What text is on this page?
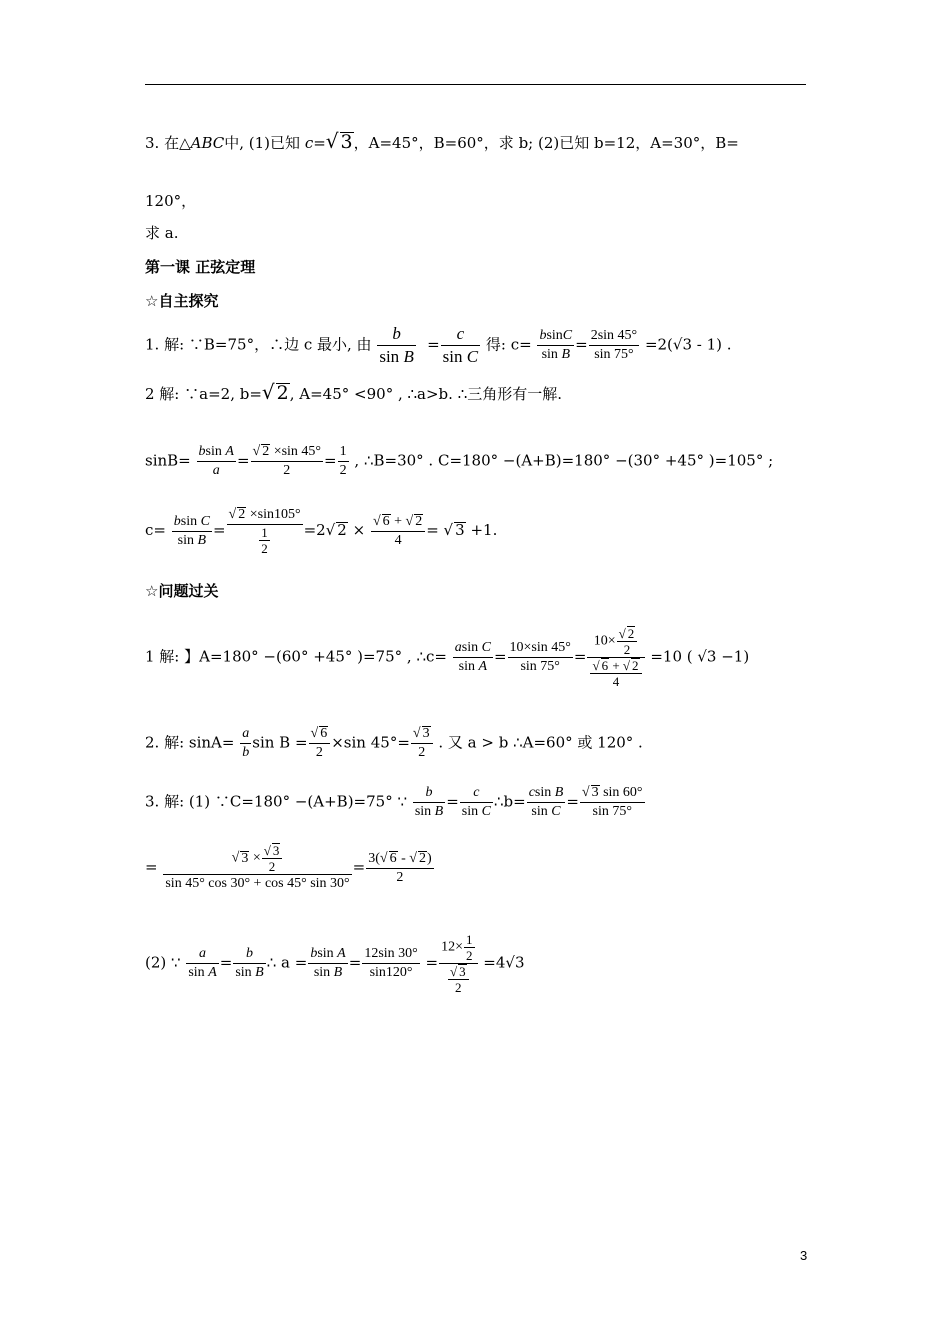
3. 在△ABC中, (1)已知 c=√ 3，A=45°，B=60°，求 b; (2)已知 b=12，A=30°，B=
120°，
求 a.
第一课 正弦定理
☆自主探究
1. 解: ∵B=75°，∴边 c 最小, 由 $\frac{b}{\text{sin B}}$
= $\frac{c}{\text{sin C}}$ 得: $c= \frac{bsinC}{\text{sin B}} = \frac{2\sin 45^\circ}{\sin 75^\circ} =2(√3 - 1)$ .
2 解: ∵a=2, b=√ 2, A=45° <90° , ∴a>b. ∴三角形有一解.
$\sin B= \frac{\text{bsin A}}{a} = \frac{√ 2 \times\sin 45^\circ}{2} = \frac{1}{2}$ , ∴B=30° . C=180° −(A+B)=180° −(30° +45° )=105° ;
$c= \frac{\text{bsin C}}{\text{sin B}} = \frac{√ 2 \times\sin 105^\circ}{\frac{1}{2}} =2√$ $2 \times \frac{√ 6 + √ 2}{4}$ = √ 3 +1.
☆问题过关
1 解: 】A=180° −(60° +45° )=75° , ∴c= $\frac{\text{asin C}}{\text{sin A}} = \frac{10\times\sin 45^\circ}{\sin 75^\circ} = \frac{10\times \frac{√ 2}{2}}{\frac{√ 6 + √ 2}{4}} =10$ ( √3 −1)
2. 解: $\sin A= \frac{a}{b}$ $\sin B = \frac{√ 6}{2} \times\sin$ $45^\circ= \frac{√ 3}{2}$ . 又 a > b ∴A=60° 或 120° .
3. 解: (1) ∵C=180° −(A+B)=75° ∵ $\frac{b}{\text{sin B}} = \frac{c}{\text{sin C}}$ ∴b= $\frac{\text{csin B}}{\text{sin C}} = \frac{√ 3 \sin 60^\circ}{\sin 75^\circ}$
= $\frac{√ 3 \times \frac{√ 3}{2}}{\sin 45^\circ \cos 30^\circ + \cos 45^\circ \sin 30^\circ} = \frac{3(√ 6 - √ 2)}{2}$
(2) ∵ $\frac{a}{\text{sin A}} = \frac{b}{\text{sin B}}$ ∴ $a = \frac{\text{bsin A}}{\text{sin B}} = \frac{12\sin 30^\circ}{\sin 120^\circ} = \frac{12\times \frac{1}{2}}{\frac{√ 3}{2}} =4√3$
3
